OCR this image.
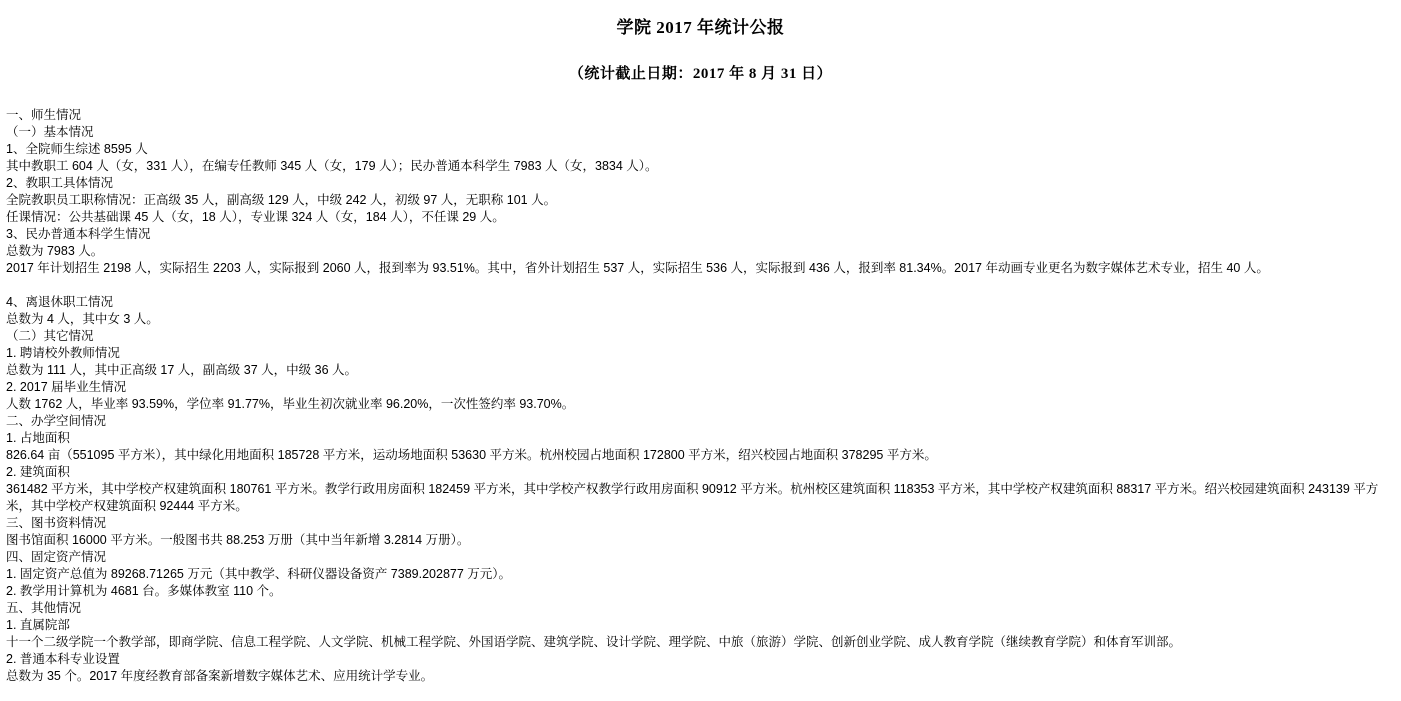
学院 2017 年统计公报
（统计截止日期：2017 年 8 月 31 日）
一、师生情况
（一）基本情况
1、全院师生综述 8595 人
其中教职工 604 人（女，331 人），在编专任教师 345 人（女，179 人）；民办普通本科学生 7983 人（女，3834 人）。
2、教职工具体情况
全院教职员工职称情况：正高级 35 人，副高级 129 人，中级 242 人，初级 97 人，无职称 101 人。
任课情况：公共基础课 45 人（女，18 人），专业课 324 人（女，184 人），不任课 29 人。
3、民办普通本科学生情况
总数为 7983 人。
2017 年计划招生 2198 人，实际招生 2203 人，实际报到 2060 人，报到率为 93.51%。其中，省外计划招生 537 人，实际招生 536 人，实际报到 436 人，报到率 81.34%。2017 年动画专业更名为数字媒体艺术专业，招生 40 人。
4、离退休职工情况
总数为 4 人，其中女 3 人。
（二）其它情况
1. 聘请校外教师情况
总数为 111 人，其中正高级 17 人，副高级 37 人，中级 36 人。
2. 2017 届毕业生情况
人数 1762 人，毕业率 93.59%，学位率 91.77%，毕业生初次就业率 96.20%，一次性签约率 93.70%。
二、办学空间情况
1. 占地面积
826.64 亩（551095 平方米），其中绿化用地面积 185728 平方米，运动场地面积 53630 平方米。杭州校园占地面积 172800 平方米，绍兴校园占地面积 378295 平方米。
2. 建筑面积
361482 平方米，其中学校产权建筑面积 180761 平方米。教学行政用房面积 182459 平方米，其中学校产权教学行政用房面积 90912 平方米。杭州校区建筑面积 118353 平方米，其中学校产权建筑面积 88317 平方米。绍兴校园建筑面积 243139 平方米，其中学校产权建筑面积 92444 平方米。
三、图书资料情况
图书馆面积 16000 平方米。一般图书共 88.253 万册（其中当年新增 3.2814 万册）。
四、固定资产情况
1. 固定资产总值为 89268.71265 万元（其中教学、科研仪器设备资产 7389.202877 万元）。
2. 教学用计算机为 4681 台。多媒体教室 110 个。
五、其他情况
1. 直属院部
十一个二级学院一个教学部，即商学院、信息工程学院、人文学院、机械工程学院、外国语学院、建筑学院、设计学院、理学院、中旅（旅游）学院、创新创业学院、成人教育学院（继续教育学院）和体育军训部。
2. 普通本科专业设置
总数为 35 个。2017 年度经教育部备案新增数字媒体艺术、应用统计学专业。
